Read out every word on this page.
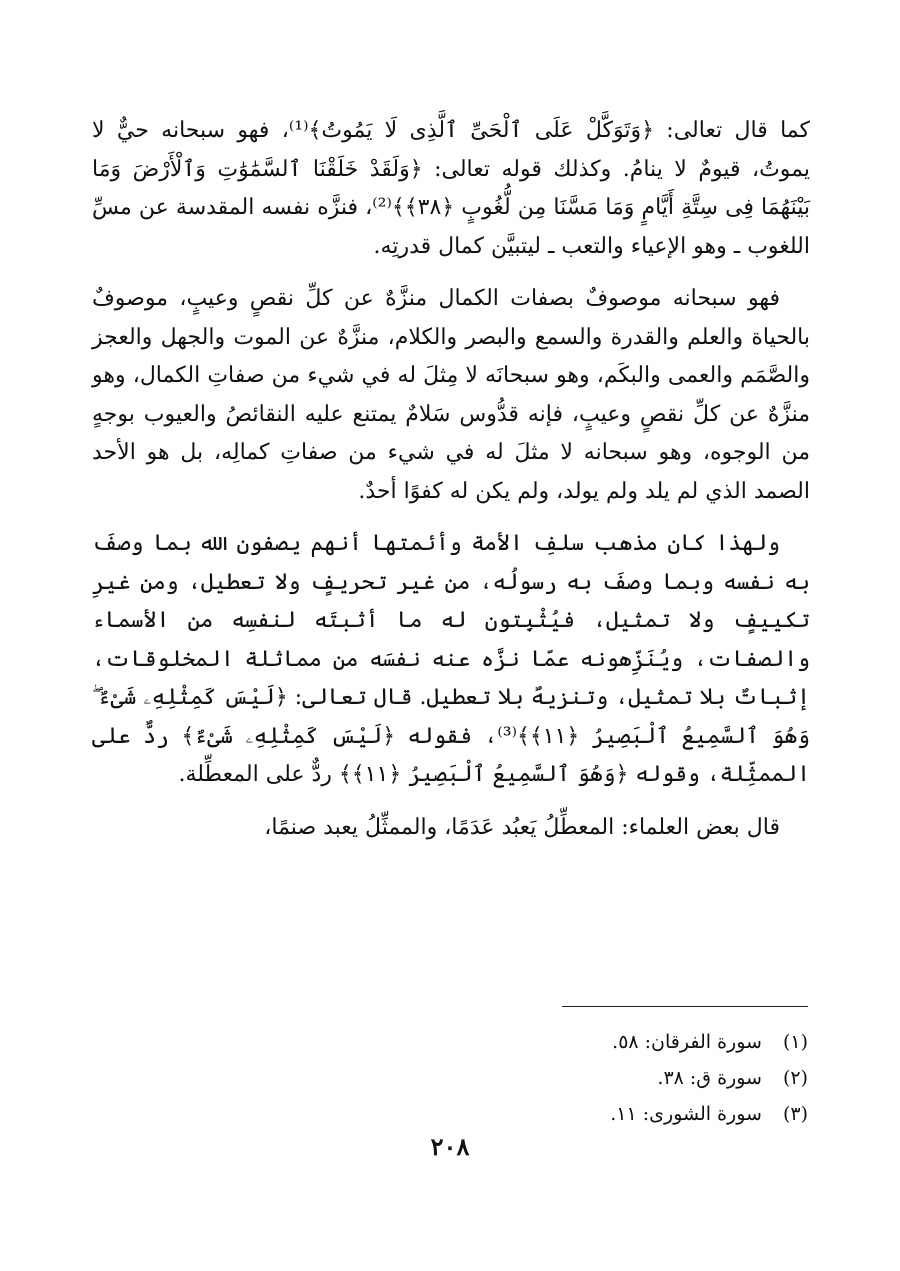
كما قال تعالى: ﴿وَتَوَكَّلْ عَلَى ٱلْحَىِّ ٱلَّذِى لَا يَمُوتُ﴾⁽¹⁾، فهو سبحانه حيٌّ لا يموتُ، قيومٌ لا ينامُ. وكذلك قوله تعالى: ﴿وَلَقَدْ خَلَقْنَا ٱلسَّمَٰوَٰتِ وَٱلْأَرْضَ وَمَا بَيْنَهُمَا فِى سِتَّةِ أَيَّامٍ وَمَا مَسَّنَا مِن لُّغُوبٍ ﴿٣٨﴾﴾⁽²⁾، فنزَّه نفسه المقدسة عن مسِّ اللغوب ـ وهو الإعياء والتعب ـ ليتبيَّن كمال قدرتِه.

فهو سبحانه موصوفٌ بصفات الكمال منزَّهٌ عن كلِّ نقصٍ وعيبٍ، موصوفٌ بالحياة والعلم والقدرة والسمع والبصر والكلام، منزَّهٌ عن الموت والجهل والعجز والصَّمَم والعمى والبكَم، وهو سبحانَه لا مِثلَ له في شيء من صفاتِ الكمال، وهو منزَّهٌ عن كلِّ نقصٍ وعيبٍ، فإنه قدُّوس سَلامٌ يمتنع عليه النقائصُ والعيوب بوجهٍ من الوجوه، وهو سبحانه لا مثلَ له في شيء من صفاتِ كمالِه، بل هو الأحد الصمد الذي لم يلد ولم يولد، ولم يكن له كفوًا أحدٌ.

ولهذا كان مذهب سلفِ الأمة وأئمتها أنهم يصفون الله بما وصفَ به نفسه وبما وصفَ به رسولُه، من غير تحريفٍ ولا تعطيل، ومن غيرِ تكييفٍ ولا تمثيل، فيُثْبِتون له ما أثبتَه لنفسِه من الأسماء والصفات، ويُنَزِّهونه عمّا نزَّه عنه نفسَه من مماثلة المخلوقات، إثباتٌ بلا تمثيل، وتنزيهٌ بلا تعطيل. قال تعالى: ﴿لَيْسَ كَمِثْلِهِۦ شَىْءٌ ۖ وَهُوَ ٱلسَّمِيعُ ٱلْبَصِيرُ ﴿١١﴾﴾⁽³⁾، فقوله ﴿لَيْسَ كَمِثْلِهِۦ شَىْءٌ﴾ ردٌّ على الممثِّلة، وقوله ﴿وَهُوَ ٱلسَّمِيعُ ٱلْبَصِيرُ ﴿١١﴾﴾ ردٌّ على المعطِّلة.

قال بعض العلماء: المعطِّلُ يَعبُد عَدَمًا، والممثِّلُ يعبد صنمًا،

(١) سورة الفرقان: ٥٨.
(٢) سورة ق: ٣٨.
(٣) سورة الشورى: ١١.
٢٠٨
